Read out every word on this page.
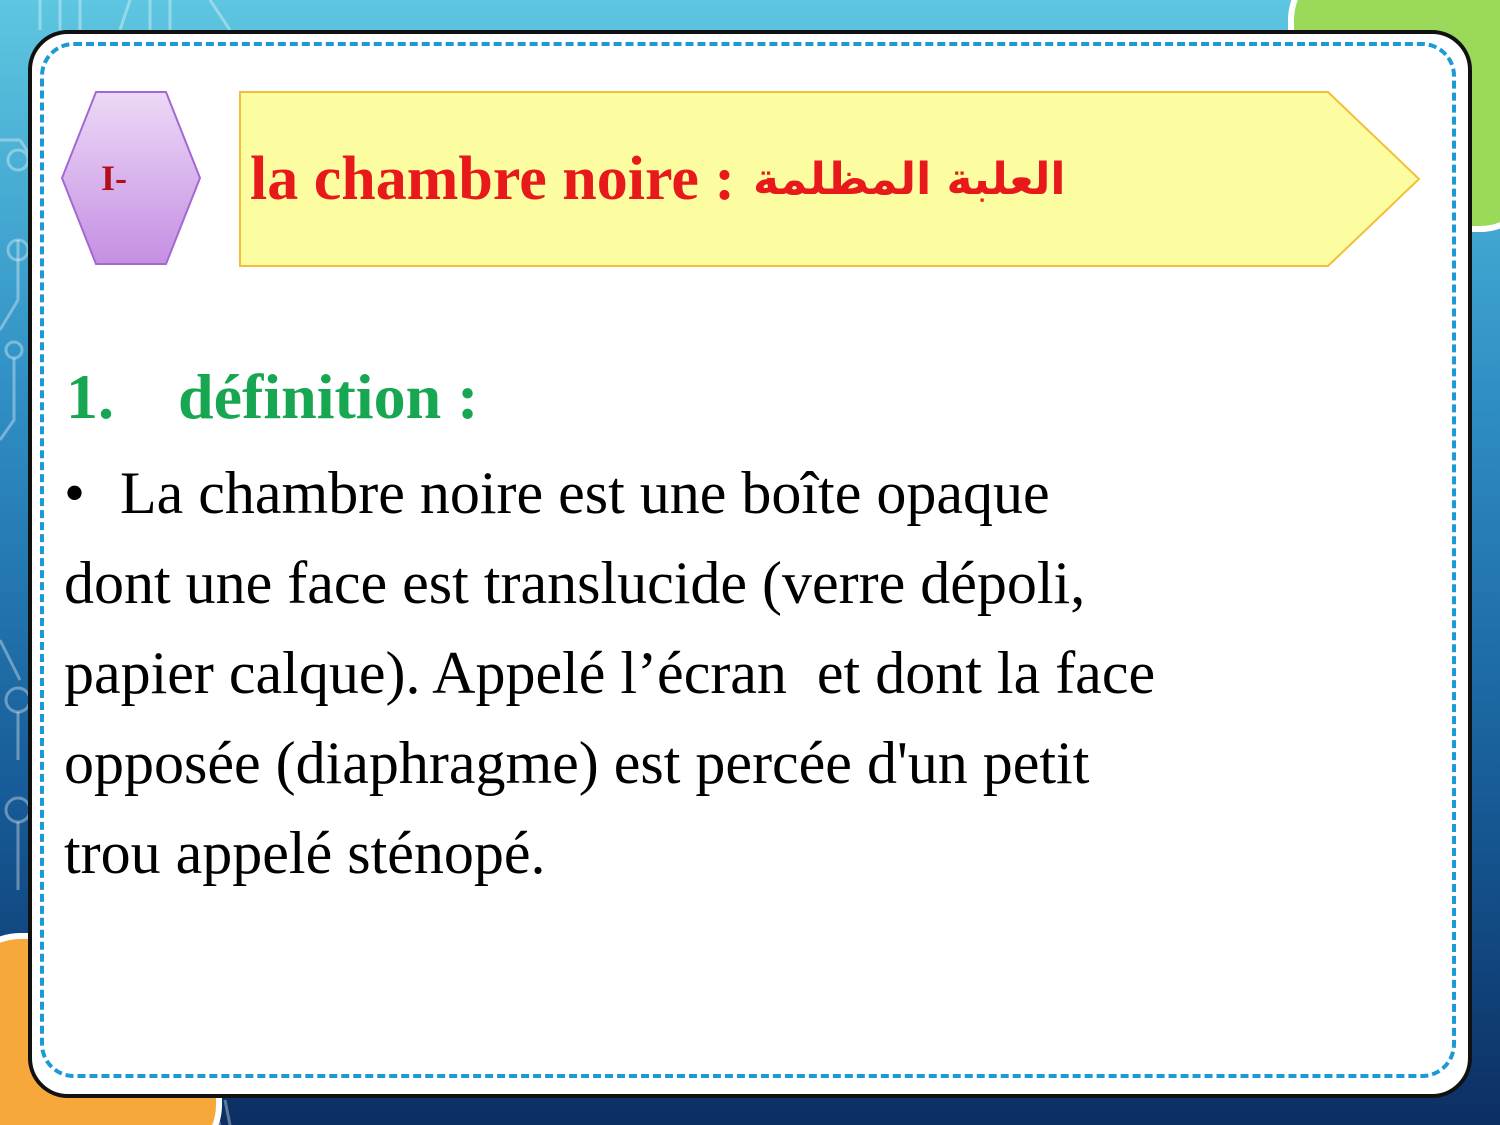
I-	la chambre noire : العلبة المظلمة
1. définition :
• La chambre noire est une boîte opaque
dont une face est translucide (verre dépoli,
papier calque). Appelé l’écran  et dont la face
opposée (diaphragme) est percée d'un petit
trou appelé sténopé.
